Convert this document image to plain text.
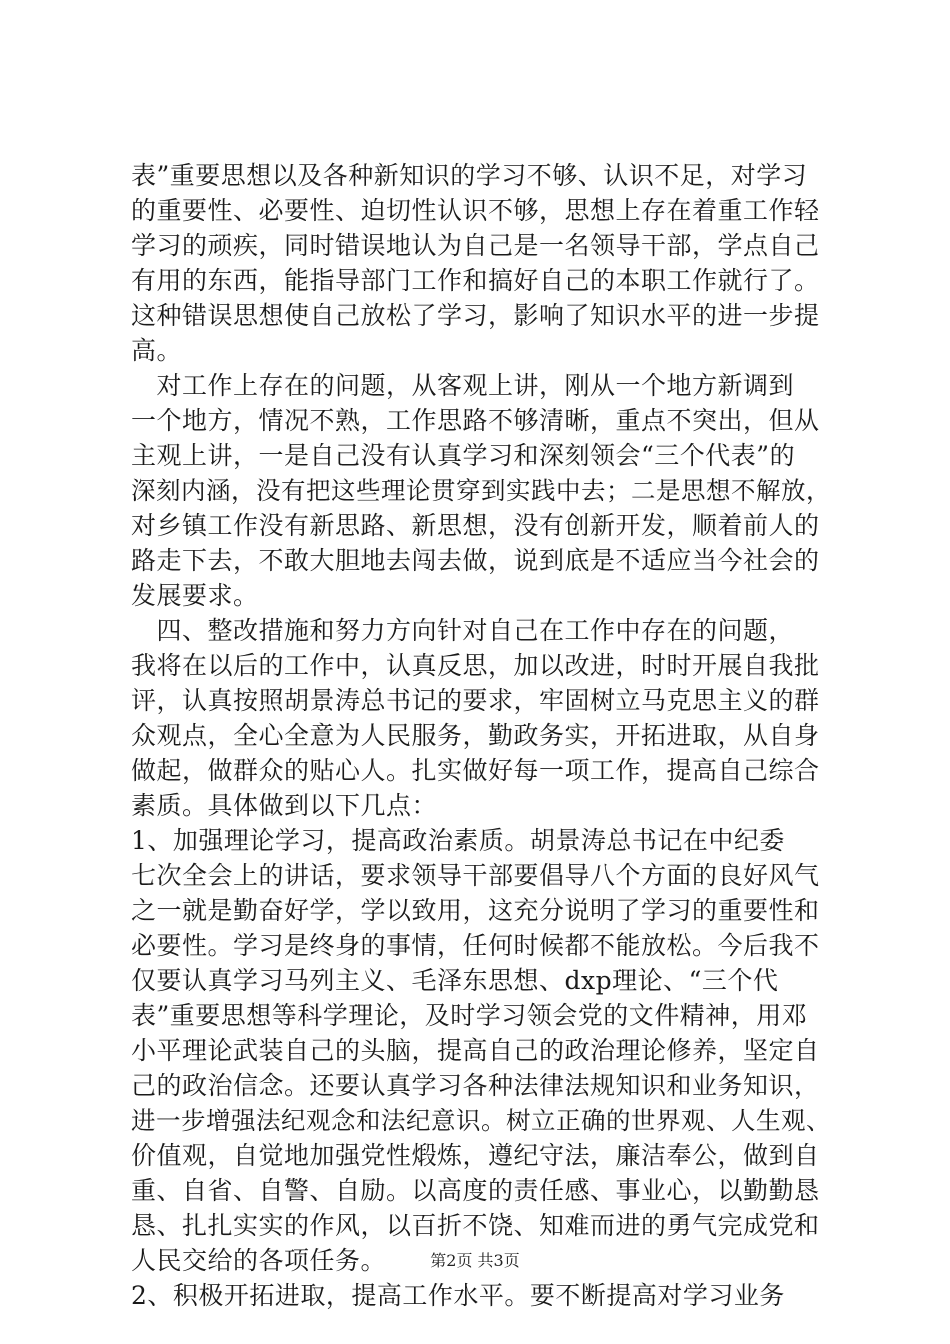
表”重要思想以及各种新知识的学习不够、认识不足，对学习
的重要性、必要性、迫切性认识不够，思想上存在着重工作轻
学习的顽疾，同时错误地认为自己是一名领导干部，学点自己
有用的东西，能指导部门工作和搞好自己的本职工作就行了。
这种错误思想使自己放松了学习，影响了知识水平的进一步提
高。
　对工作上存在的问题，从客观上讲，刚从一个地方新调到
一个地方，情况不熟，工作思路不够清晰，重点不突出，但从
主观上讲，一是自己没有认真学习和深刻领会“三个代表”的
深刻内涵，没有把这些理论贯穿到实践中去；二是思想不解放，
对乡镇工作没有新思路、新思想，没有创新开发，顺着前人的
路走下去，不敢大胆地去闯去做，说到底是不适应当今社会的
发展要求。
　四、整改措施和努力方向针对自己在工作中存在的问题，
我将在以后的工作中，认真反思，加以改进，时时开展自我批
评，认真按照胡景涛总书记的要求，牢固树立马克思主义的群
众观点，全心全意为人民服务，勤政务实，开拓进取，从自身
做起，做群众的贴心人。扎实做好每一项工作，提高自己综合
素质。具体做到以下几点：
1、加强理论学习，提高政治素质。胡景涛总书记在中纪委
七次全会上的讲话，要求领导干部要倡导八个方面的良好风气
之一就是勤奋好学，学以致用，这充分说明了学习的重要性和
必要性。学习是终身的事情，任何时候都不能放松。今后我不
仅要认真学习马列主义、毛泽东思想、dxp理论、“三个代
表”重要思想等科学理论，及时学习领会党的文件精神，用邓
小平理论武装自己的头脑，提高自己的政治理论修养，坚定自
己的政治信念。还要认真学习各种法律法规知识和业务知识，
进一步增强法纪观念和法纪意识。树立正确的世界观、人生观、
价值观，自觉地加强党性煅炼，遵纪守法，廉洁奉公，做到自
重、自省、自警、自励。以高度的责任感、事业心，以勤勤恳
恳、扎扎实实的作风，以百折不饶、知难而进的勇气完成党和
人民交给的各项任务。
2、积极开拓进取，提高工作水平。要不断提高对学习业务
第2页 共3页
